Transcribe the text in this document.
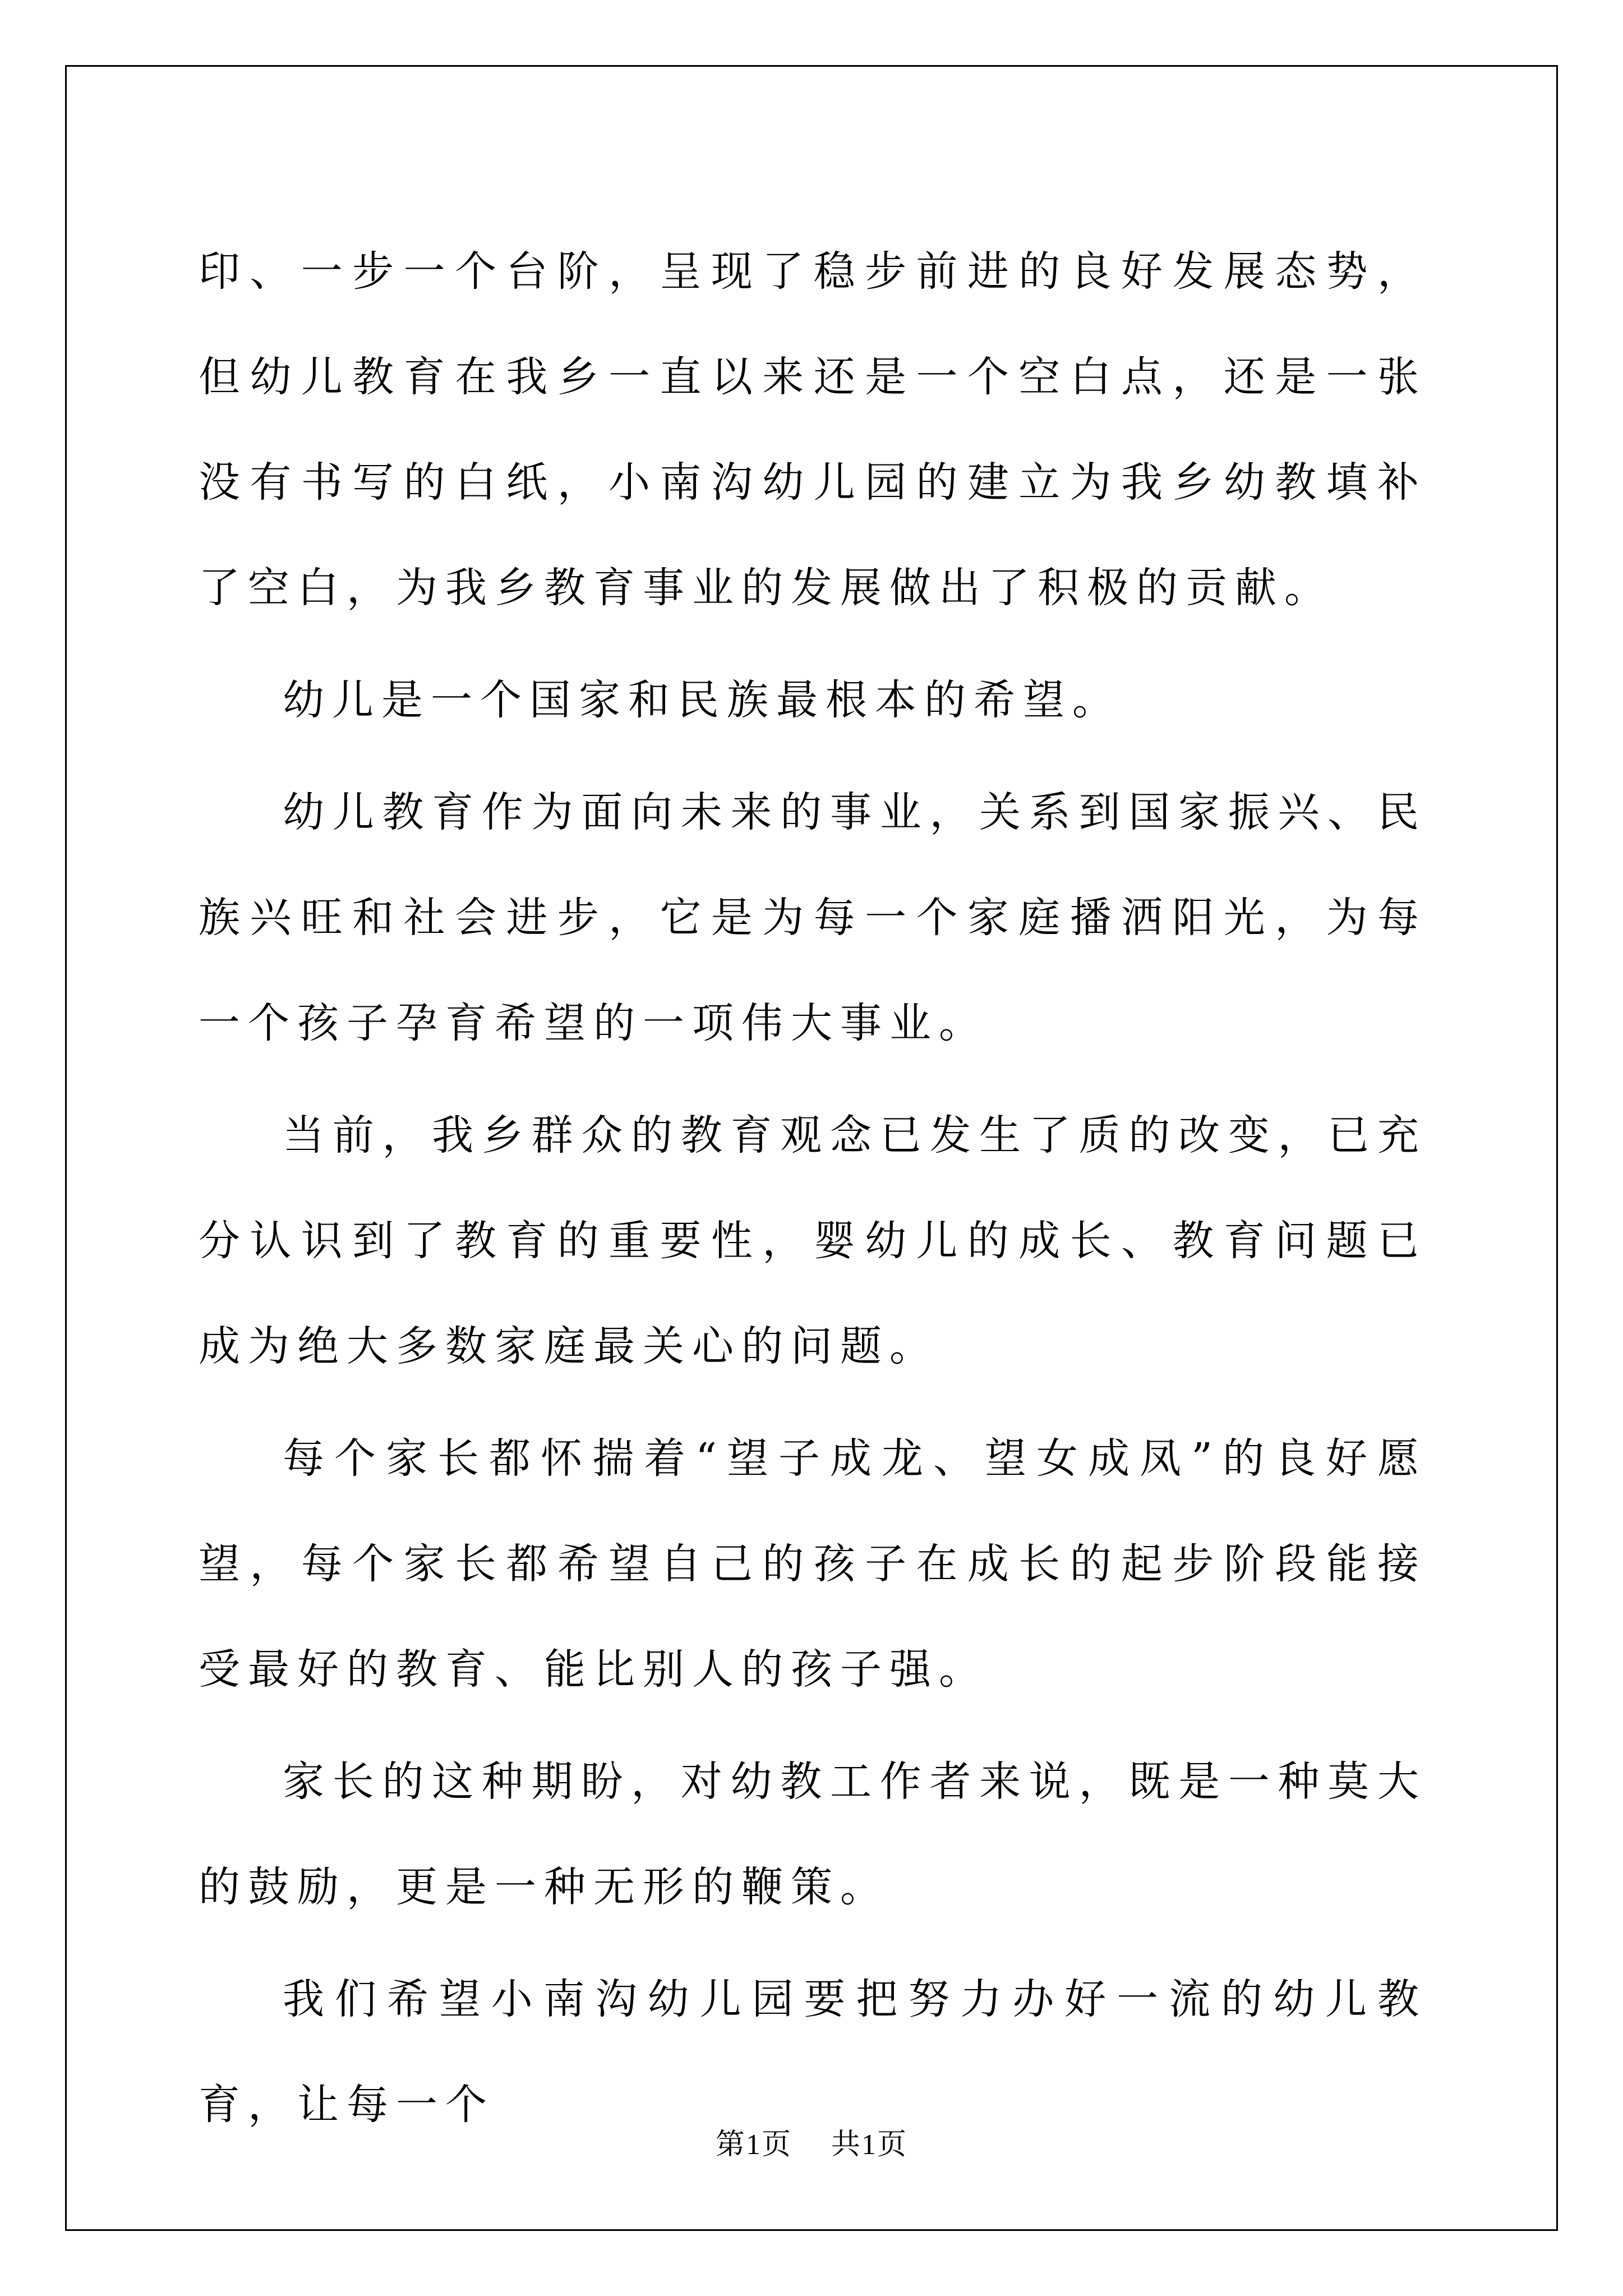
印、一步一个台阶，呈现了稳步前进的良好发展态势，但幼儿教育在我乡一直以来还是一个空白点，还是一张没有书写的白纸，小南沟幼儿园的建立为我乡幼教填补了空白，为我乡教育事业的发展做出了积极的贡献。

幼儿是一个国家和民族最根本的希望。

幼儿教育作为面向未来的事业，关系到国家振兴、民族兴旺和社会进步，它是为每一个家庭播洒阳光，为每一个孩子孕育希望的一项伟大事业。

当前，我乡群众的教育观念已发生了质的改变，已充分认识到了教育的重要性，婴幼儿的成长、教育问题已成为绝大多数家庭最关心的问题。

每个家长都怀揣着“望子成龙、望女成凤”的良好愿望，每个家长都希望自己的孩子在成长的起步阶段能接受最好的教育、能比别人的孩子强。

家长的这种期盼，对幼教工作者来说，既是一种莫大的鼓励，更是一种无形的鞭策。

我们希望小南沟幼儿园要把努力办好一流的幼儿教育，让每一个

第1页 共1页
